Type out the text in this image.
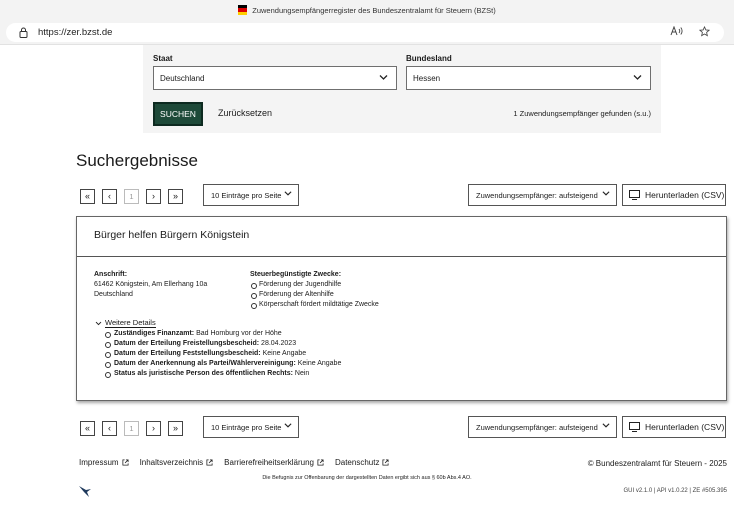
Zuwendungsempfängerregister des Bundeszentralamt für Steuern (BZSt)
https://zer.bzst.de
Staat
Deutschland
Bundesland
Hessen
SUCHEN	Zurücksetzen	1 Zuwendungsempfänger gefunden (s.u.)
Suchergebnisse
«	‹	1	›	»	10 Einträge pro Seite	Zuwendungsempfänger: aufsteigend	Herunterladen (CSV)
Bürger helfen Bürgern Königstein
Anschrift:
61462 Königstein, Am Ellerhang 10a
Deutschland
Steuerbegünstigte Zwecke:
Förderung der Jugendhilfe
Förderung der Altenhilfe
Körperschaft fördert mildtätige Zwecke
Weitere Details
Zuständiges Finanzamt: Bad Homburg vor der Höhe
Datum der Erteilung Freistellungsbescheid: 28.04.2023
Datum der Erteilung Feststellungsbescheid: Keine Angabe
Datum der Anerkennung als Partei/Wählervereinigung: Keine Angabe
Status als juristische Person des öffentlichen Rechts: Nein
«	‹	1	›	»	10 Einträge pro Seite	Zuwendungsempfänger: aufsteigend	Herunterladen (CSV)
Impressum	Inhaltsverzeichnis	Barrierefreiheitserklärung	Datenschutz	© Bundeszentralamt für Steuern - 2025
Die Befugnis zur Offenbarung der dargestellten Daten ergibt sich aus § 60b Abs.4 AO.
GUI v2.1.0 | API v1.0.22 | ZE #505.395
